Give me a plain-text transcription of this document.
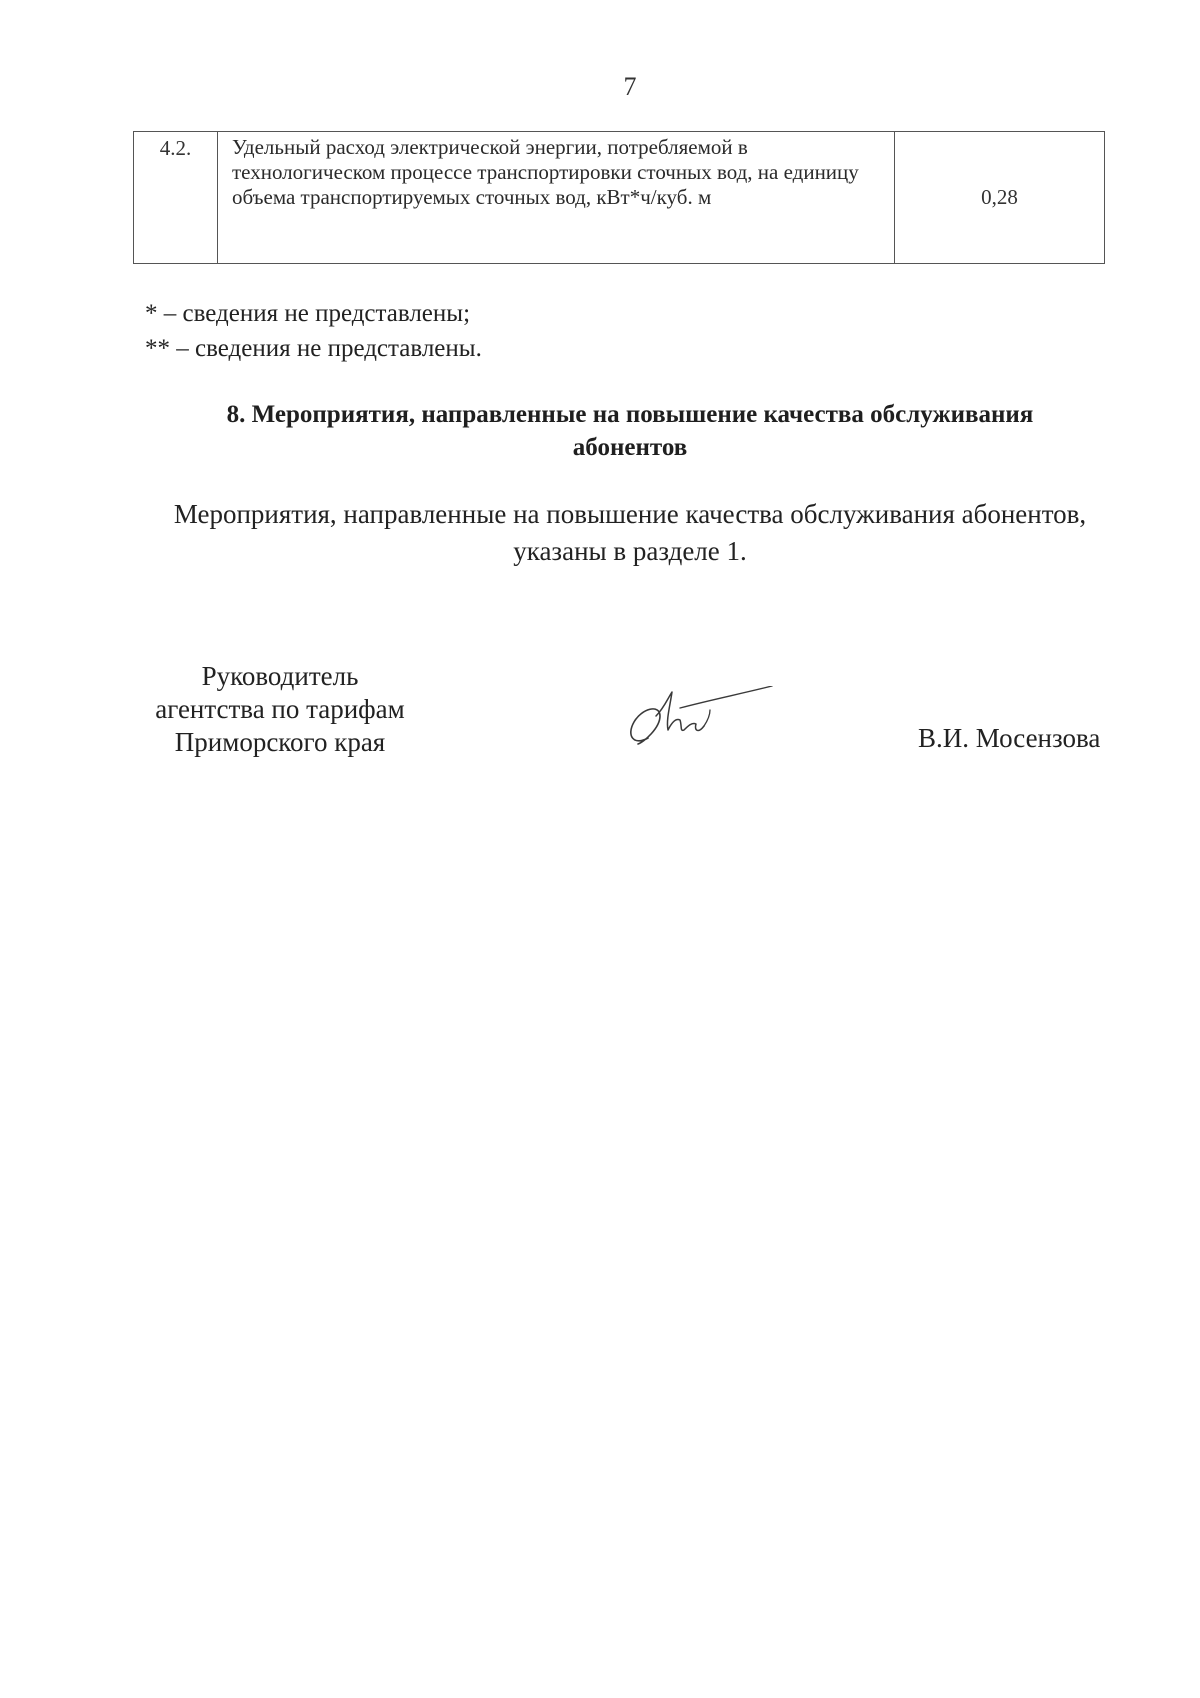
7
4.2.	Удельный расход электрической энергии, потребляемой в технологическом процессе транспортировки сточных вод, на единицу объема транспортируемых сточных вод, кВт*ч/куб. м	0,28
* – сведения не представлены;
** – сведения не представлены.
8. Мероприятия, направленные на повышение качества обслуживания абонентов
Мероприятия, направленные на повышение качества обслуживания абонентов, указаны в разделе 1.
Руководитель
агентства по тарифам
Приморского края	В.И. Мосензова
